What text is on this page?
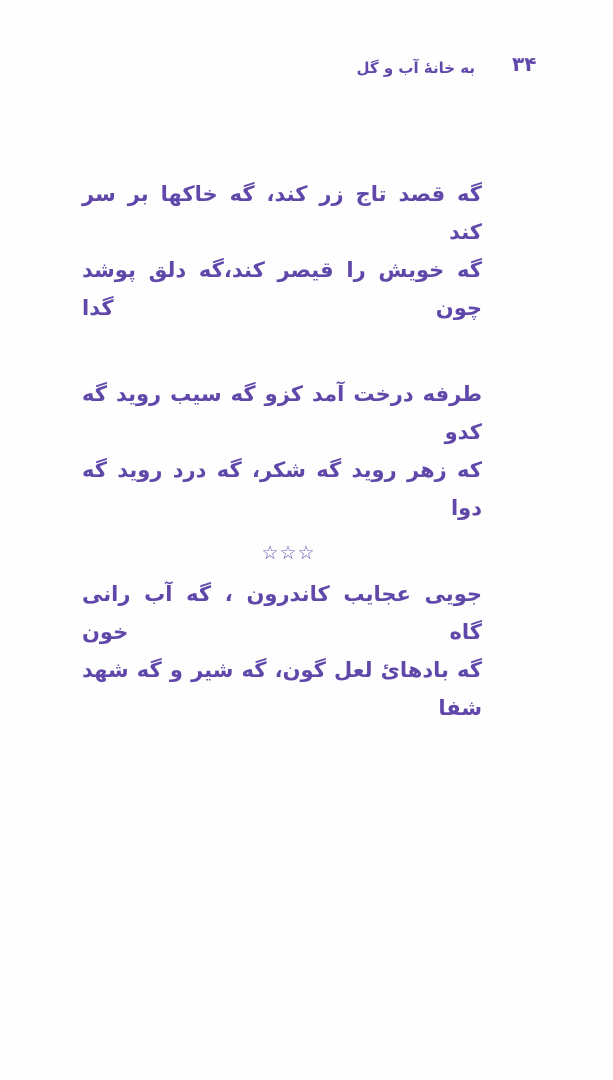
به خانهٔ آب و گل ۳۴
گه قصد تاج زر کند، گه خاکها بر سر کند
گه خویش را قیصر کند،گه دلق پوشد چون گدا
طرفه درخت آمد کزو گه سیب روید گه کدو
که زهر روید گه شکر، گه درد روید گه دوا
جویی عجایب کاندرون ، گه آب رانی گاه خون
گه بادهائ لعل گون، گه شیر و گه شهد شفا
☆☆☆
